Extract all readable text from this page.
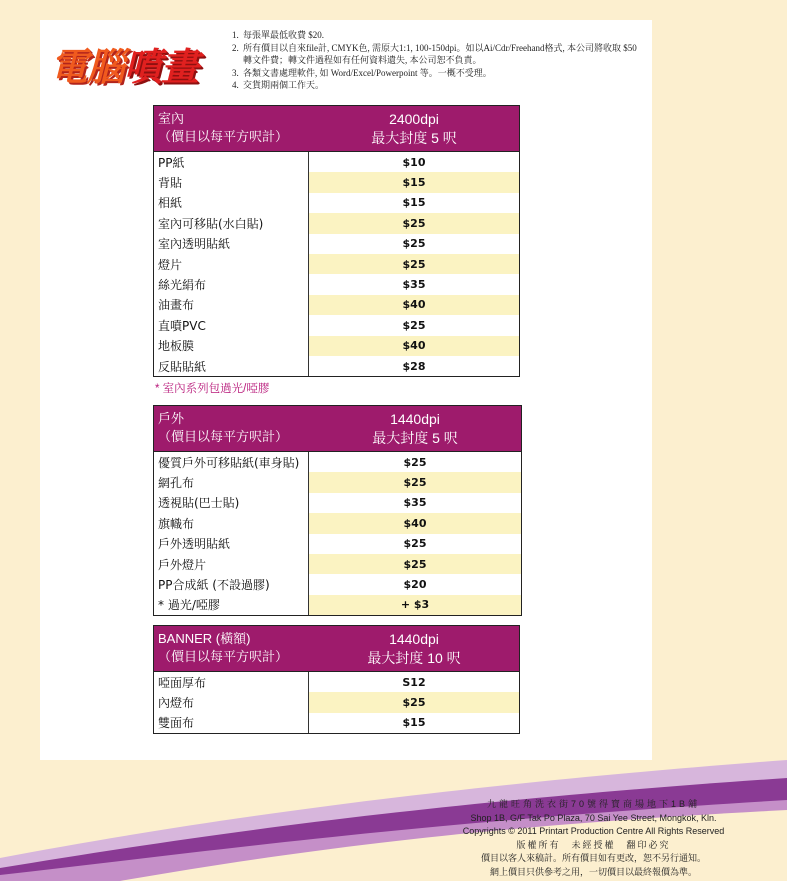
電腦噴畫
1. 每張單最低收費 $20.
2. 所有價目以自來file計, CMYK色, 需原大1:1, 100-150dpi。如以Ai/Cdr/Freehand格式, 本公司將收取 $50 轉文件費；轉文件過程如有任何資料遺失, 本公司恕不負責。
3. 各類文書處理軟件, 如 Word/Excel/Powerpoint 等。一概不受理。
4. 交貨期兩個工作天。
室內
（價目以每平方呎計）
2400dpi
最大封度 5 呎
PP紙	$10
背貼	$15
相紙	$15
室內可移貼(水白貼)	$25
室內透明貼紙	$25
燈片	$25
絲光絹布	$35
油畫布	$40
直噴PVC	$25
地板膜	$40
反貼貼紙	$28
* 室內系列包過光/啞膠
戶外
（價目以每平方呎計）
1440dpi
最大封度 5 呎
優質戶外可移貼紙(車身貼)	$25
網孔布	$25
透視貼(巴士貼)	$35
旗幟布	$40
戶外透明貼紙	$25
戶外燈片	$25
PP合成紙 (不設過膠)	$20
* 過光/啞膠	+ $3
BANNER (橫額)
（價目以每平方呎計）
1440dpi
最大封度 10 呎
啞面厚布	S12
內燈布	$25
雙面布	$15
九龍旺角洗衣街70號得寶商場地下1B舖
Shop 1B, G/F Tak Po Plaza, 70 Sai Yee Street, Mongkok, Kln.
Copyrights © 2011 Printart Production Centre All Rights Reserved
版權所有　未經授權　翻印必究
價目以客人來稿計。所有價目如有更改，恕不另行通知。
網上價目只供參考之用，一切價目以最終報價為準。
